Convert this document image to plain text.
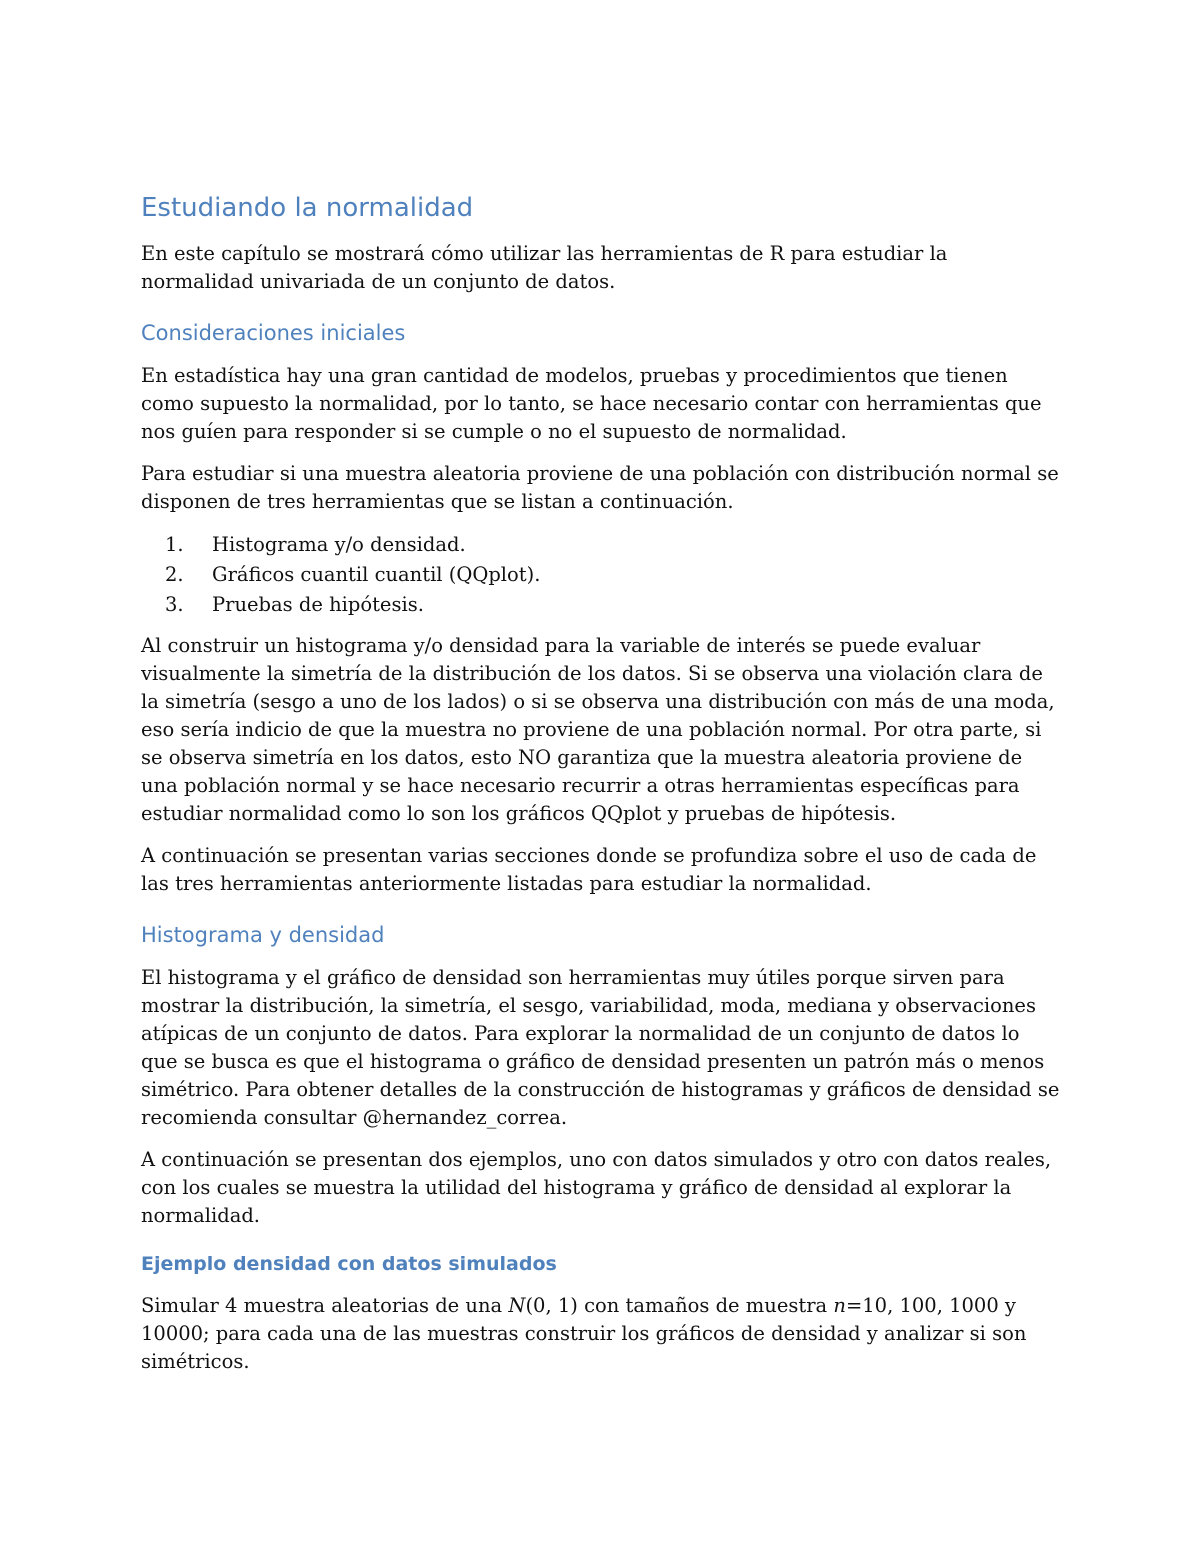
Estudiando la normalidad

En este capítulo se mostrará cómo utilizar las herramientas de R para estudiar la normalidad univariada de un conjunto de datos.

Consideraciones iniciales

En estadística hay una gran cantidad de modelos, pruebas y procedimientos que tienen como supuesto la normalidad, por lo tanto, se hace necesario contar con herramientas que nos guíen para responder si se cumple o no el supuesto de normalidad.

Para estudiar si una muestra aleatoria proviene de una población con distribución normal se disponen de tres herramientas que se listan a continuación.

1. Histograma y/o densidad.
2. Gráficos cuantil cuantil (QQplot).
3. Pruebas de hipótesis.

Al construir un histograma y/o densidad para la variable de interés se puede evaluar visualmente la simetría de la distribución de los datos. Si se observa una violación clara de la simetría (sesgo a uno de los lados) o si se observa una distribución con más de una moda, eso sería indicio de que la muestra no proviene de una población normal. Por otra parte, si se observa simetría en los datos, esto NO garantiza que la muestra aleatoria proviene de una población normal y se hace necesario recurrir a otras herramientas específicas para estudiar normalidad como lo son los gráficos QQplot y pruebas de hipótesis.

A continuación se presentan varias secciones donde se profundiza sobre el uso de cada de las tres herramientas anteriormente listadas para estudiar la normalidad.

Histograma y densidad

El histograma y el gráfico de densidad son herramientas muy útiles porque sirven para mostrar la distribución, la simetría, el sesgo, variabilidad, moda, mediana y observaciones atípicas de un conjunto de datos. Para explorar la normalidad de un conjunto de datos lo que se busca es que el histograma o gráfico de densidad presenten un patrón más o menos simétrico. Para obtener detalles de la construcción de histogramas y gráficos de densidad se recomienda consultar @hernandez_correa.

A continuación se presentan dos ejemplos, uno con datos simulados y otro con datos reales, con los cuales se muestra la utilidad del histograma y gráfico de densidad al explorar la normalidad.

Ejemplo densidad con datos simulados

Simular 4 muestra aleatorias de una N(0, 1) con tamaños de muestra n=10, 100, 1000 y 10000; para cada una de las muestras construir los gráficos de densidad y analizar si son simétricos.
